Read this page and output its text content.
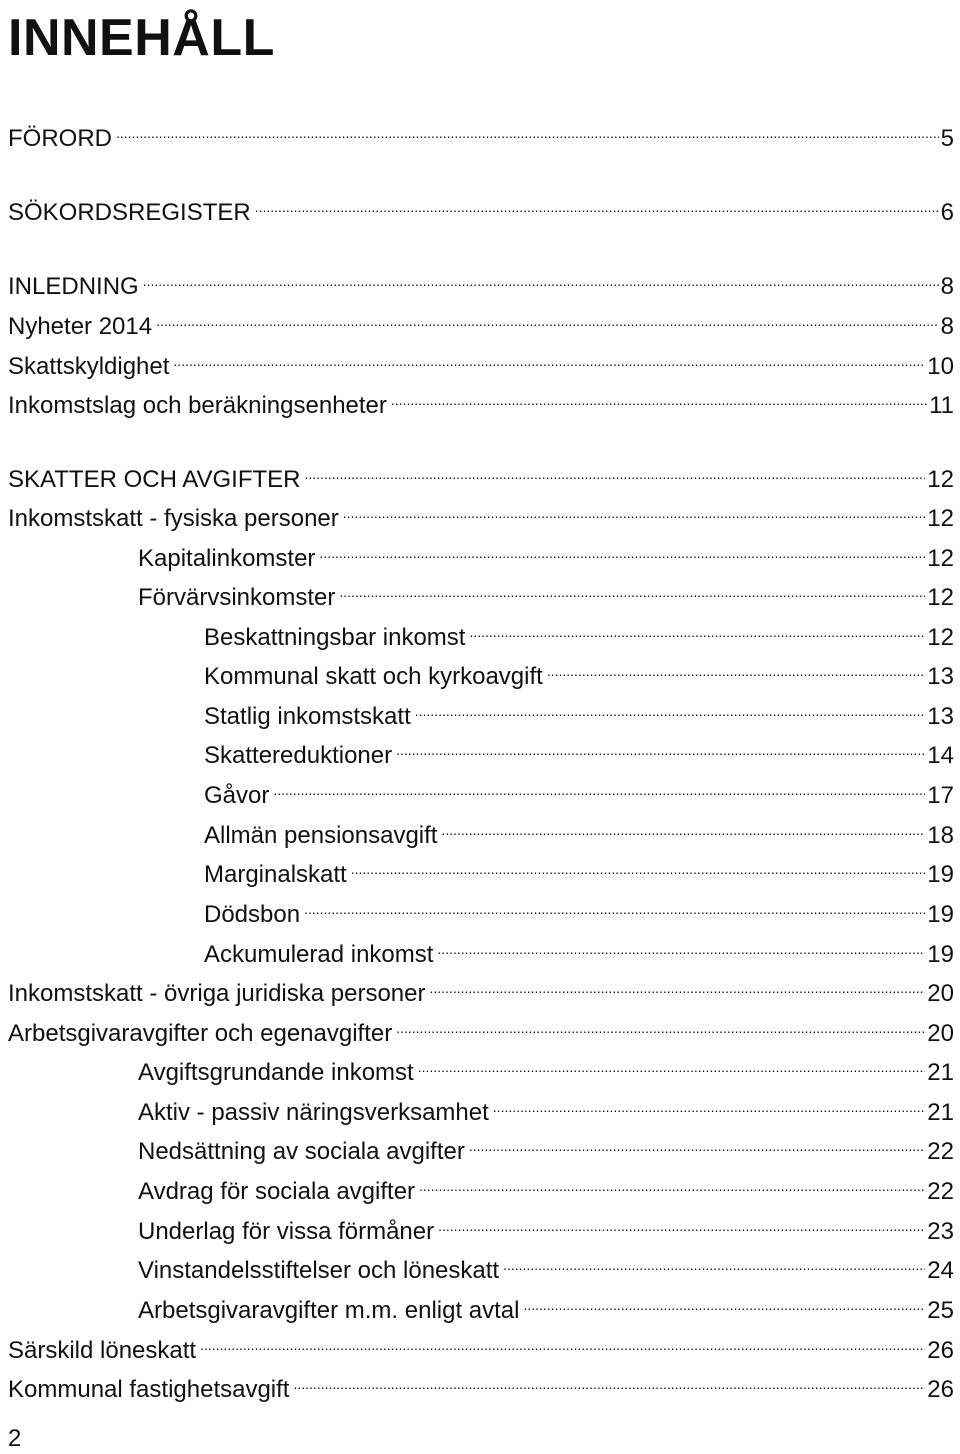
INNEHÅLL
FÖRORD .....	5
SÖKORDSREGISTER .....	6
INLEDNING .....	8
Nyheter 2014 .....	8
Skattskyldighet .....	10
Inkomstslag och beräkningsenheter .....	11
SKATTER OCH AVGIFTER .....	12
Inkomstskatt - fysiska personer .....	12
Kapitalinkomster .....	12
Förvärvsinkomster .....	12
Beskattningsbar inkomst .....	12
Kommunal skatt och kyrkoavgift .....	13
Statlig inkomstskatt .....	13
Skattereduktioner .....	14
Gåvor .....	17
Allmän pensionsavgift .....	18
Marginalskatt .....	19
Dödsbon .....	19
Ackumulerad inkomst .....	19
Inkomstskatt - övriga juridiska personer .....	20
Arbetsgivaravgifter och egenavgifter .....	20
Avgiftsgrundande inkomst .....	21
Aktiv - passiv näringsverksamhet .....	21
Nedsättning av sociala avgifter .....	22
Avdrag för sociala avgifter .....	22
Underlag för vissa förmåner .....	23
Vinstandelsstiftelser och löneskatt .....	24
Arbetsgivaravgifter m.m. enligt avtal .....	25
Särskild löneskatt .....	26
Kommunal fastighetsavgift .....	26
2
